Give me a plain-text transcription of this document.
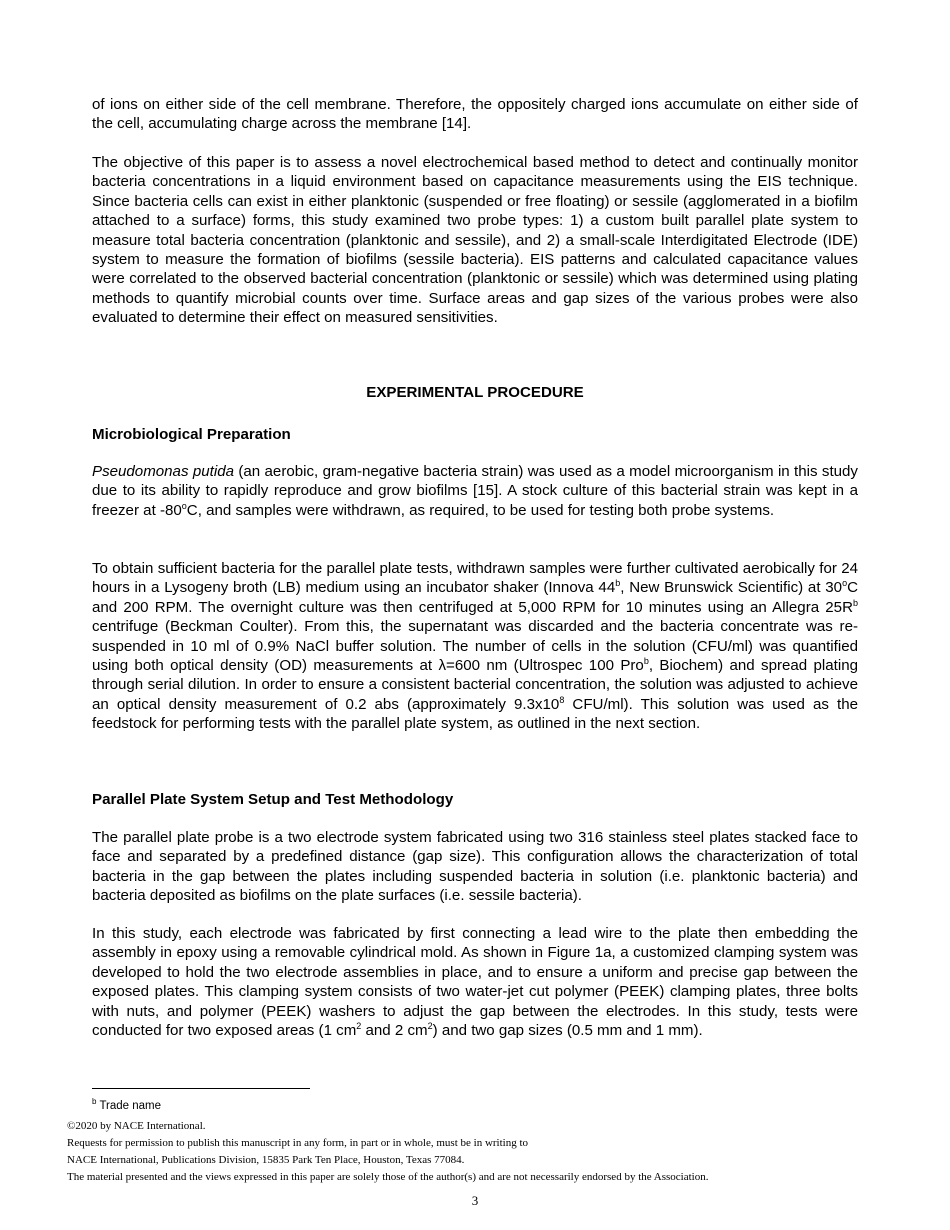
of ions on either side of the cell membrane. Therefore, the oppositely charged ions accumulate on either side of the cell, accumulating charge across the membrane [14].

The objective of this paper is to assess a novel electrochemical based method to detect and continually monitor bacteria concentrations in a liquid environment based on capacitance measurements using the EIS technique. Since bacteria cells can exist in either planktonic (suspended or free floating) or sessile (agglomerated in a biofilm attached to a surface) forms, this study examined two probe types: 1) a custom built parallel plate system to measure total bacteria concentration (planktonic and sessile), and 2) a small-scale Interdigitated Electrode (IDE) system to measure the formation of biofilms (sessile bacteria). EIS patterns and calculated capacitance values were correlated to the observed bacterial concentration (planktonic or sessile) which was determined using plating methods to quantify microbial counts over time. Surface areas and gap sizes of the various probes were also evaluated to determine their effect on measured sensitivities.

EXPERIMENTAL PROCEDURE

Microbiological Preparation

Pseudomonas putida (an aerobic, gram-negative bacteria strain) was used as a model microorganism in this study due to its ability to rapidly reproduce and grow biofilms [15]. A stock culture of this bacterial strain was kept in a freezer at -80$^o$C, and samples were withdrawn, as required, to be used for testing both probe systems.

To obtain sufficient bacteria for the parallel plate tests, withdrawn samples were further cultivated aerobically for 24 hours in a Lysogeny broth (LB) medium using an incubator shaker (Innova 44$^b$, New Brunswick Scientific) at 30$^o$C and 200 RPM. The overnight culture was then centrifuged at 5,000 RPM for 10 minutes using an Allegra $25R^b$ centrifuge (Beckman Coulter). From this, the supernatant was discarded and the bacteria concentrate was re-suspended in 10 ml of 0.9% NaCl buffer solution. The number of cells in the solution (CFU/ml) was quantified using both optical density (OD) measurements at λ=600 nm (Ultrospec 100 Pro$^b$, Biochem) and spread plating through serial dilution. In order to ensure a consistent bacterial concentration, the solution was adjusted to achieve an optical density measurement of 0.2 abs (approximately $9.3x10^8$ CFU/ml). This solution was used as the feedstock for performing tests with the parallel plate system, as outlined in the next section.

Parallel Plate System Setup and Test Methodology

The parallel plate probe is a two electrode system fabricated using two 316 stainless steel plates stacked face to face and separated by a predefined distance (gap size). This configuration allows the characterization of total bacteria in the gap between the plates including suspended bacteria in solution (i.e. planktonic bacteria) and bacteria deposited as biofilms on the plate surfaces (i.e. sessile bacteria).

In this study, each electrode was fabricated by first connecting a lead wire to the plate then embedding the assembly in epoxy using a removable cylindrical mold. As shown in Figure 1a, a customized clamping system was developed to hold the two electrode assemblies in place, and to ensure a uniform and precise gap between the exposed plates. This clamping system consists of two water-jet cut polymer (PEEK) clamping plates, three bolts with nuts, and polymer (PEEK) washers to adjust the gap between the electrodes. In this study, tests were conducted for two exposed areas (1 $cm^2$ and 2 $cm^2$) and two gap sizes (0.5 mm and 1 mm).

$^b$ Trade name
©2020 by NACE International.
Requests for permission to publish this manuscript in any form, in part or in whole, must be in writing to
NACE International, Publications Division, 15835 Park Ten Place, Houston, Texas 77084.
The material presented and the views expressed in this paper are solely those of the author(s) and are not necessarily endorsed by the Association.
3
